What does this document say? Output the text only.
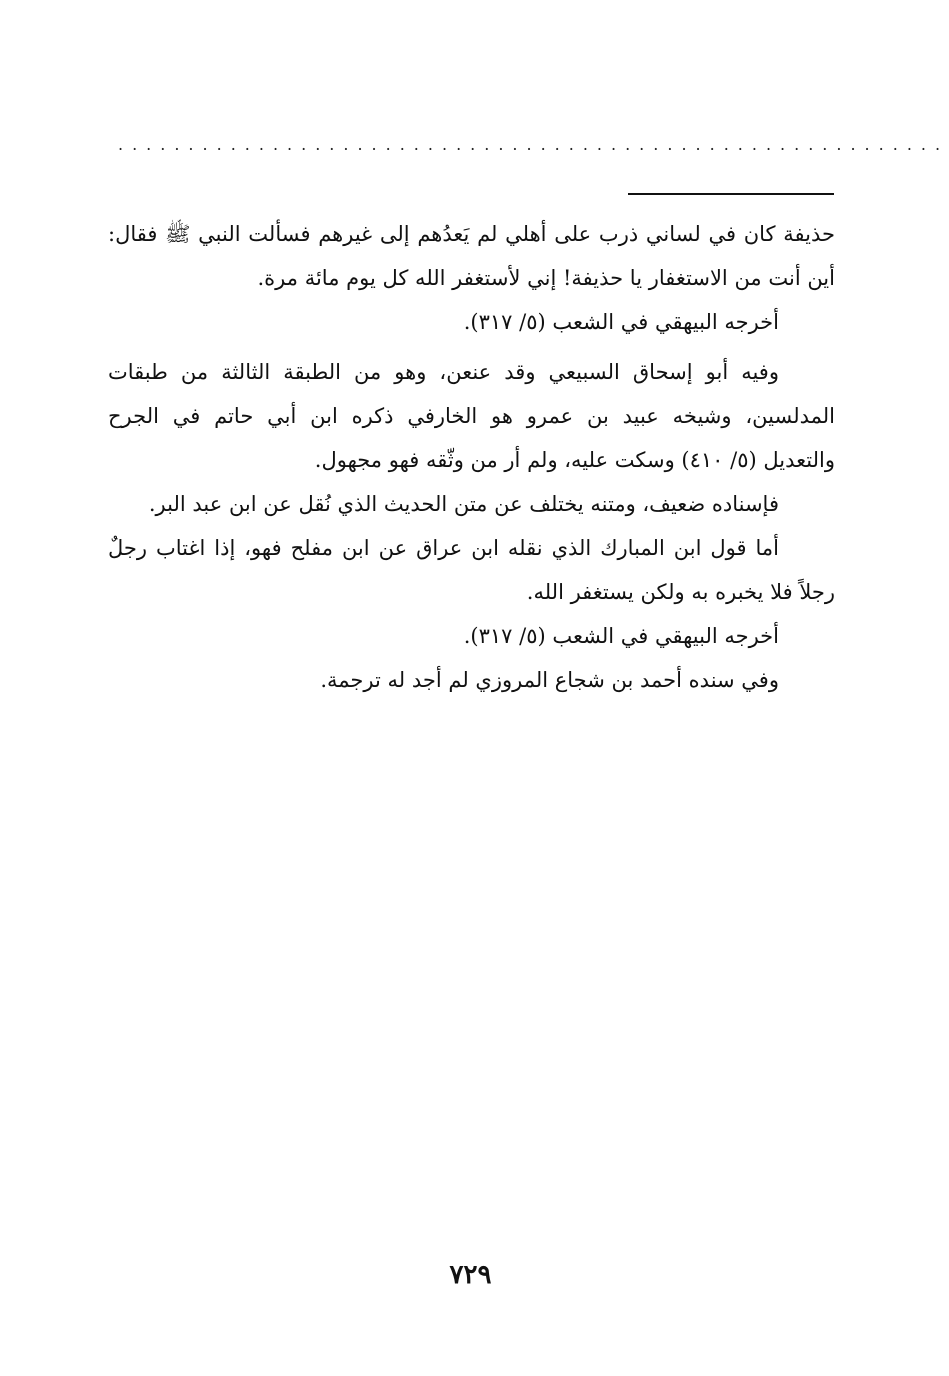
...........................................................
حذيفة كان في لساني ذرب على أهلي لم يَعدُهم إلى غيرهم فسألت النبي ﷺ فقال:
أين أنت من الاستغفار يا حذيفة! إني لأستغفر الله كل يوم مائة مرة.
أخرجه البيهقي في الشعب (٥/ ٣١٧).
وفيه أبو إسحاق السبيعي وقد عنعن، وهو من الطبقة الثالثة من طبقات
المدلسين، وشيخه عبيد بن عمرو هو الخارفي ذكره ابن أبي حاتم في الجرح
والتعديل (٥/ ٤١٠) وسكت عليه، ولم أر من وثّقه فهو مجهول.
فإسناده ضعيف، ومتنه يختلف عن متن الحديث الذي نُقل عن ابن عبد البر.
أما قول ابن المبارك الذي نقله ابن عراق عن ابن مفلح فهو، إذا اغتاب رجلٌ
رجلاً فلا يخبره به ولكن يستغفر الله.
أخرجه البيهقي في الشعب (٥/ ٣١٧).
وفي سنده أحمد بن شجاع المروزي لم أجد له ترجمة.
٧٢٩
